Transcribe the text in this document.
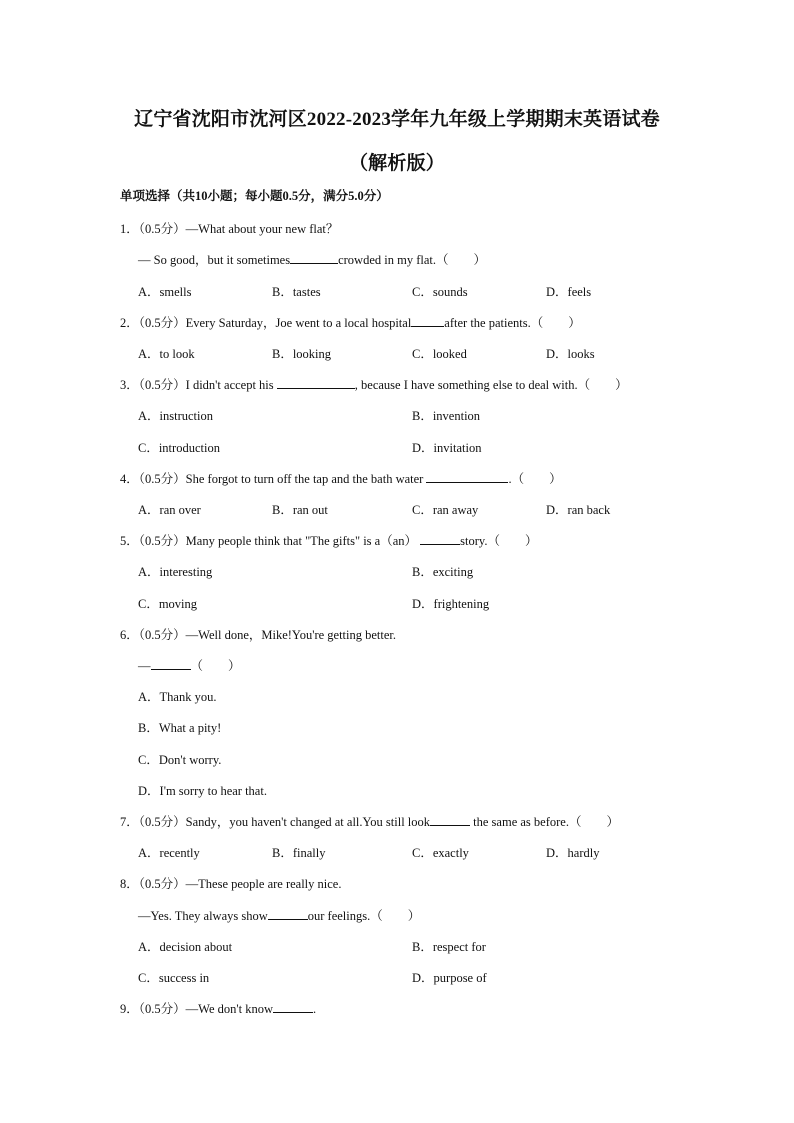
辽宁省沈阳市沈河区2022-2023学年九年级上学期期末英语试卷
（解析版）
单项选择（共10小题；每小题0.5分，满分5.0分）
1．（0.5分）—What about your new flat？
— So good，but it sometimes	crowded in my flat.（　　）
A．smells	B．tastes	C．sounds	D．feels
2．（0.5分）Every Saturday，Joe went to a local hospital	after the patients.（　　）
A．to look	B．looking	C．looked	D．looks
3．（0.5分）I didn't accept his	, because I have something else to deal with.（　　）
A．instruction	B．invention
C．introduction	D．invitation
4．（0.5分）She forgot to turn off the tap and the bath water	.（　　）
A．ran over	B．ran out	C．ran away	D．ran back
5．（0.5分）Many people think that "The gifts" is a（an）	story.（　　）
A．interesting	B．exciting
C．moving	D．frightening
6．（0.5分）—Well done，Mike!You're getting better.
—	（　　）
A．Thank you.
B．What a pity!
C．Don't worry.
D．I'm sorry to hear that.
7．（0.5分）Sandy，you haven't changed at all.You still look	the same as before.（　　）
A．recently	B．finally	C．exactly	D．hardly
8．（0.5分）—These people are really nice.
—Yes. They always show	our feelings.（　　）
A．decision about	B．respect for
C．success in	D．purpose of
9．（0.5分）—We don't know	.
